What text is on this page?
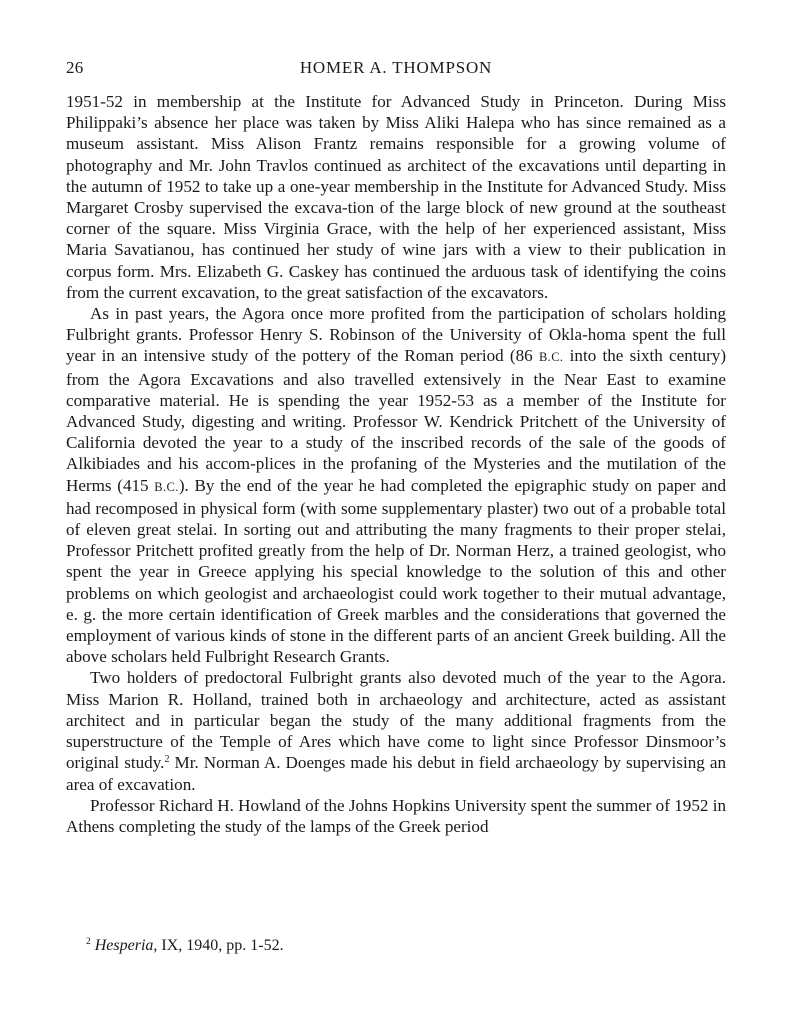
26	HOMER A. THOMPSON

1951-52 in membership at the Institute for Advanced Study in Princeton. During Miss Philippaki’s absence her place was taken by Miss Aliki Halepa who has since remained as a museum assistant. Miss Alison Frantz remains responsible for a growing volume of photography and Mr. John Travlos continued as architect of the excavations until departing in the autumn of 1952 to take up a one-year membership in the Institute for Advanced Study. Miss Margaret Crosby supervised the excava-tion of the large block of new ground at the southeast corner of the square. Miss Virginia Grace, with the help of her experienced assistant, Miss Maria Savatianou, has continued her study of wine jars with a view to their publication in corpus form. Mrs. Elizabeth G. Caskey has continued the arduous task of identifying the coins from the current excavation, to the great satisfaction of the excavators.

As in past years, the Agora once more profited from the participation of scholars holding Fulbright grants. Professor Henry S. Robinson of the University of Okla-homa spent the full year in an intensive study of the pottery of the Roman period (86 B.C. into the sixth century) from the Agora Excavations and also travelled extensively in the Near East to examine comparative material. He is spending the year 1952-53 as a member of the Institute for Advanced Study, digesting and writing. Professor W. Kendrick Pritchett of the University of California devoted the year to a study of the inscribed records of the sale of the goods of Alkibiades and his accom-plices in the profaning of the Mysteries and the mutilation of the Herms (415 B.C.). By the end of the year he had completed the epigraphic study on paper and had recomposed in physical form (with some supplementary plaster) two out of a probable total of eleven great stelai. In sorting out and attributing the many fragments to their proper stelai, Professor Pritchett profited greatly from the help of Dr. Norman Herz, a trained geologist, who spent the year in Greece applying his special knowledge to the solution of this and other problems on which geologist and archaeologist could work together to their mutual advantage, e. g. the more certain identification of Greek marbles and the considerations that governed the employment of various kinds of stone in the different parts of an ancient Greek building. All the above scholars held Fulbright Research Grants.

Two holders of predoctoral Fulbright grants also devoted much of the year to the Agora. Miss Marion R. Holland, trained both in archaeology and architecture, acted as assistant architect and in particular began the study of the many additional fragments from the superstructure of the Temple of Ares which have come to light since Professor Dinsmoor’s original study.$^2$ Mr. Norman A. Doenges made his debut in field archaeology by supervising an area of excavation.

Professor Richard H. Howland of the Johns Hopkins University spent the summer of 1952 in Athens completing the study of the lamps of the Greek period

$^2$ Hesperia, IX, 1940, pp. 1-52.
